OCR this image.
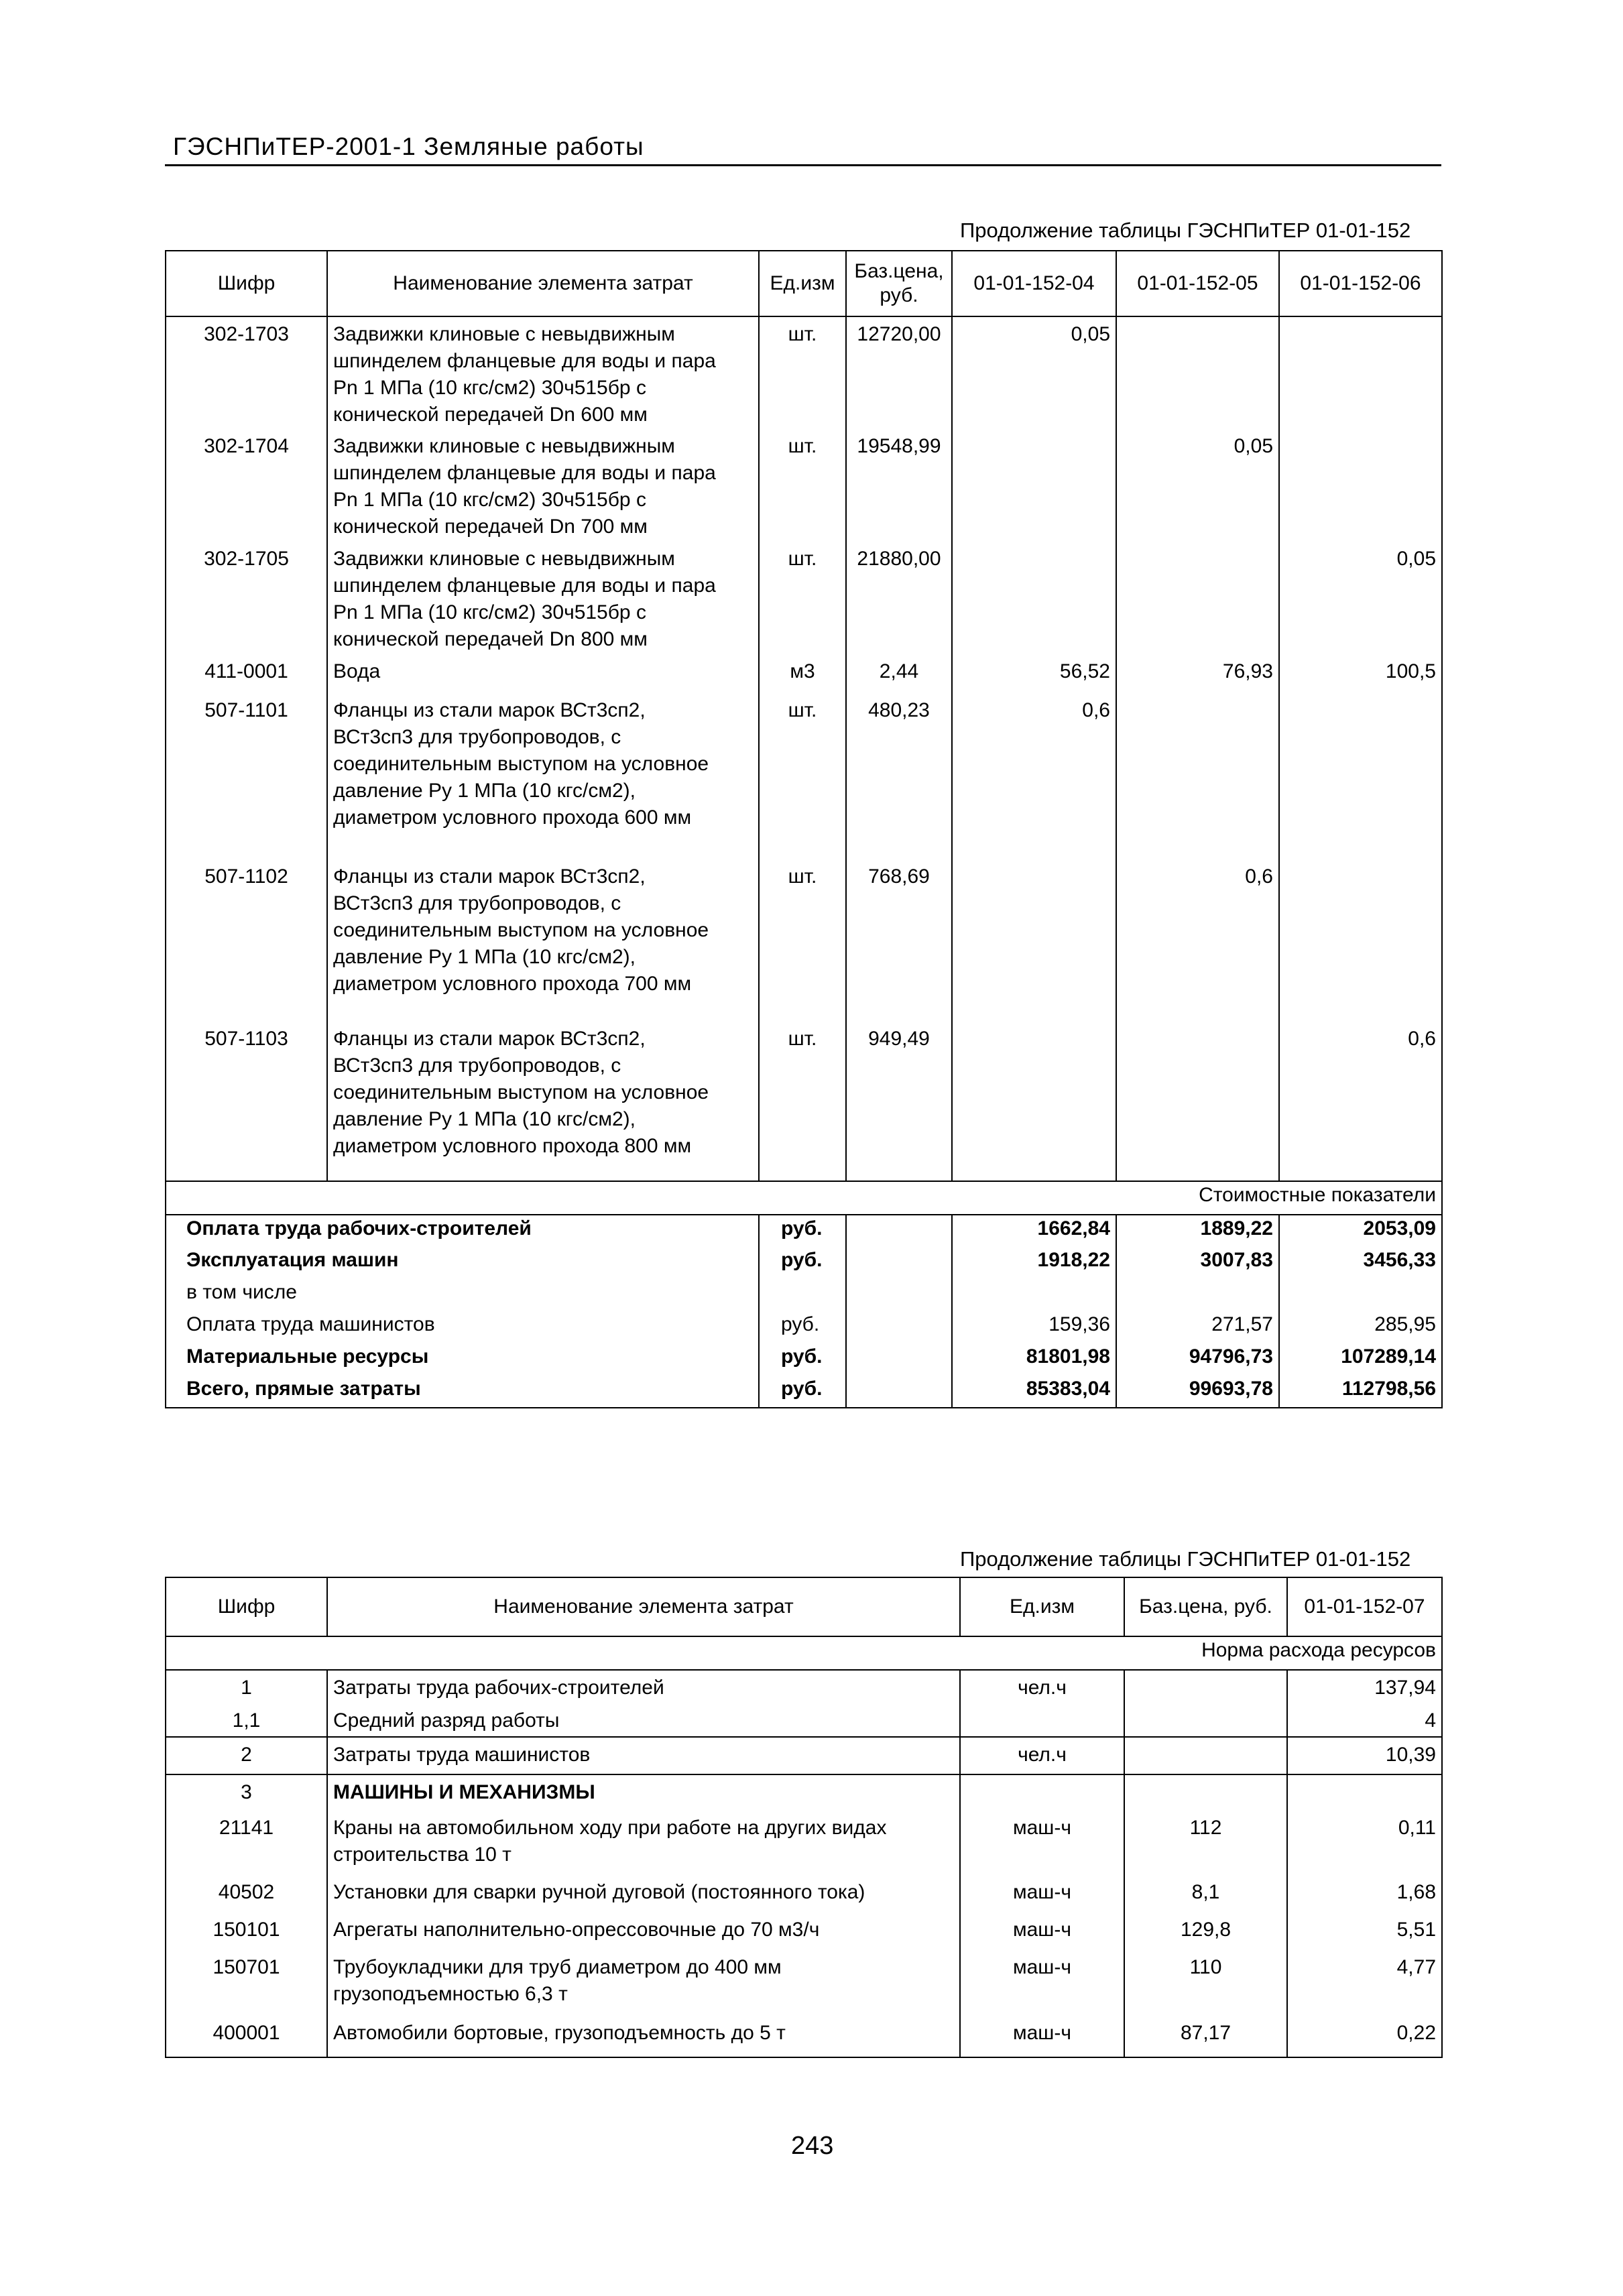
ГЭСНПиТЕР-2001-1 Земляные работы
Продолжение таблицы ГЭСНПиТЕР 01-01-152
Шифр	Наименование элемента затрат	Ед.изм	Баз.цена, руб.	01-01-152-04	01-01-152-05	01-01-152-06
302-1703	Задвижки клиновые с невыдвижным
шпинделем фланцевые для воды и пара
Pn 1 МПа (10 кгс/см2) 30ч515бр с
конической передачей Dn 600 мм	шт.	12720,00	0,05		
302-1704	Задвижки клиновые с невыдвижным
шпинделем фланцевые для воды и пара
Pn 1 МПа (10 кгс/см2) 30ч515бр с
конической передачей Dn 700 мм	шт.	19548,99		0,05	
302-1705	Задвижки клиновые с невыдвижным
шпинделем фланцевые для воды и пара
Pn 1 МПа (10 кгс/см2) 30ч515бр с
конической передачей Dn 800 мм	шт.	21880,00			0,05
411-0001	Вода	м3	2,44	56,52	76,93	100,5
507-1101	Фланцы из стали марок ВСт3сп2,
ВСт3сп3 для трубопроводов, с
соединительным выступом на условное
давление Ру 1 МПа (10 кгс/см2),
диаметром условного прохода 600 мм	шт.	480,23	0,6		
507-1102	Фланцы из стали марок ВСт3сп2,
ВСт3сп3 для трубопроводов, с
соединительным выступом на условное
давление Ру 1 МПа (10 кгс/см2),
диаметром условного прохода 700 мм	шт.	768,69		0,6	
507-1103	Фланцы из стали марок ВСт3сп2,
ВСт3сп3 для трубопроводов, с
соединительным выступом на условное
давление Ру 1 МПа (10 кгс/см2),
диаметром условного прохода 800 мм	шт.	949,49			0,6
Стоимостные показатели						
Оплата труда рабочих-строителей		руб.		1662,84	1889,22	2053,09
Эксплуатация машин		руб.		1918,22	3007,83	3456,33
в том числе						
Оплата труда машинистов		руб.		159,36	271,57	285,95
Материальные ресурсы		руб.		81801,98	94796,73	107289,14
Всего, прямые затраты		руб.		85383,04	99693,78	112798,56
Продолжение таблицы ГЭСНПиТЕР 01-01-152
Шифр	Наименование элемента затрат	Ед.изм	Баз.цена, руб.	01-01-152-07
Норма расхода ресурсов				
1	Затраты труда рабочих-строителей	чел.ч		137,94
1,1	Средний разряд работы			4
2	Затраты труда машинистов	чел.ч		10,39
3	МАШИНЫ И МЕХАНИЗМЫ			

21141	Краны на автомобильном ходу при работе на других видах
строительства 10 т	маш-ч	112	0,11
40502	Установки для сварки ручной дуговой (постоянного тока)	маш-ч	8,1	1,68
150101	Агрегаты наполнительно-опрессовочные до 70 м3/ч	маш-ч	129,8	5,51
150701	Трубоукладчики для труб диаметром до 400 мм
грузоподъемностью 6,3 т	маш-ч	110	4,77
400001	Автомобили бортовые, грузоподъемность до 5 т	маш-ч	87,17	0,22
243
